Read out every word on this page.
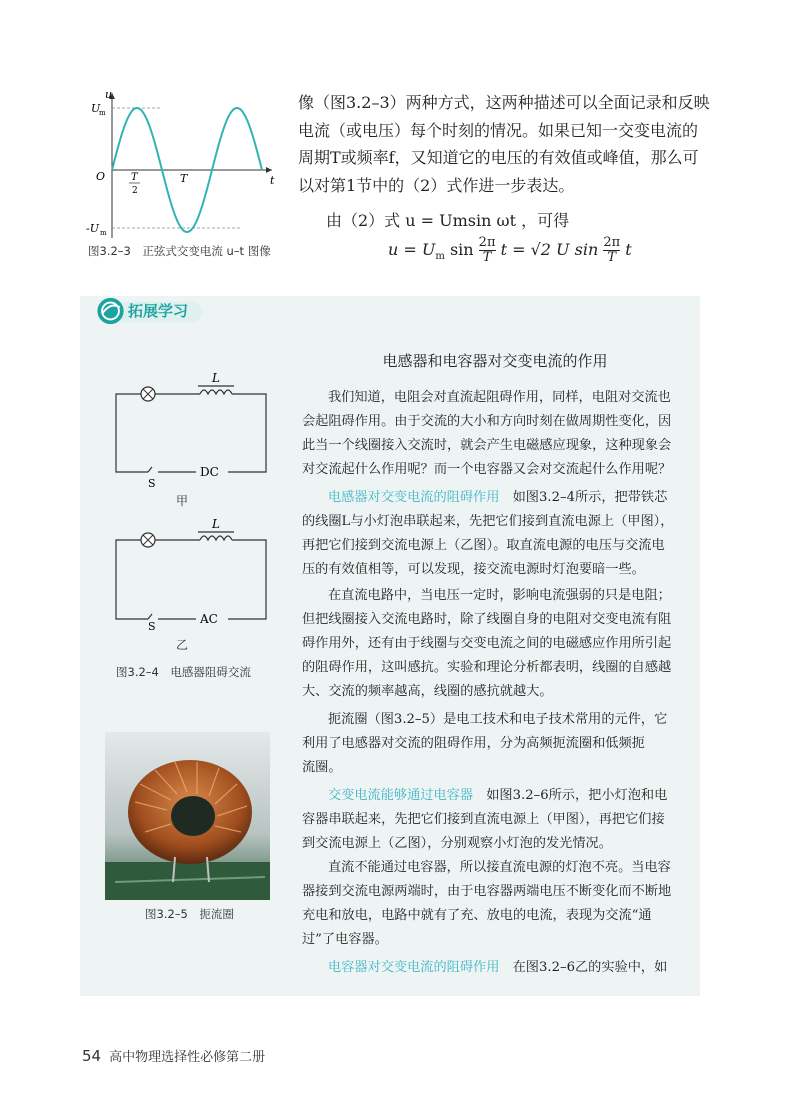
u
t
U
m
-U m
O	T
2
T
图3.2–3　正弦式交变电流 u–t 图像
像（图3.2–3）两种方式，这两种描述可以全面记录和反映
电流（或电压）每个时刻的情况。如果已知一交变电流的
周期T或频率f，又知道它的电压的有效值或峰值，那么可
以对第1节中的（2）式作进一步表达。
由（2）式 u = Umsin ωt ，可得
$u = U_m$ $\sin \frac{2\pi}{T}$ t = √2 U $\sin \frac{2\pi}{T}$ t
拓展学习
电感器和电容器对交变电流的作用
L
S
DC
甲
L
S
AC
乙
图3.2–4　电感器阻碍交流
图3.2–5　扼流圈
我们知道，电阻会对直流起阻碍作用，同样，电阻对交流也
会起阻碍作用。由于交流的大小和方向时刻在做周期性变化，因
此当一个线圈接入交流时，就会产生电磁感应现象，这种现象会
对交流起什么作用呢？而一个电容器又会对交流起什么作用呢？
电感器对交变电流的阻碍作用　如图3.2–4所示，把带铁芯
的线圈L与小灯泡串联起来，先把它们接到直流电源上（甲图），
再把它们接到交流电源上（乙图）。取直流电源的电压与交流电
压的有效值相等，可以发现，接交流电源时灯泡要暗一些。
在直流电路中，当电压一定时，影响电流强弱的只是电阻；
但把线圈接入交流电路时，除了线圈自身的电阻对交变电流有阻
碍作用外，还有由于线圈与交变电流之间的电磁感应作用所引起
的阻碍作用，这叫感抗。实验和理论分析都表明，线圈的自感越
大、交流的频率越高，线圈的感抗就越大。
扼流圈（图3.2–5）是电工技术和电子技术常用的元件，它
利用了电感器对交流的阻碍作用，分为高频扼流圈和低频扼
流圈。
交变电流能够通过电容器　如图3.2–6所示，把小灯泡和电
容器串联起来，先把它们接到直流电源上（甲图），再把它们接
到交流电源上（乙图），分别观察小灯泡的发光情况。
直流不能通过电容器，所以接直流电源的灯泡不亮。当电容
器接到交流电源两端时，由于电容器两端电压不断变化而不断地
充电和放电，电路中就有了充、放电的电流，表现为交流“通
过”了电容器。
电容器对交变电流的阻碍作用　在图3.2–6乙的实验中，如
54 高中物理选择性必修第二册
